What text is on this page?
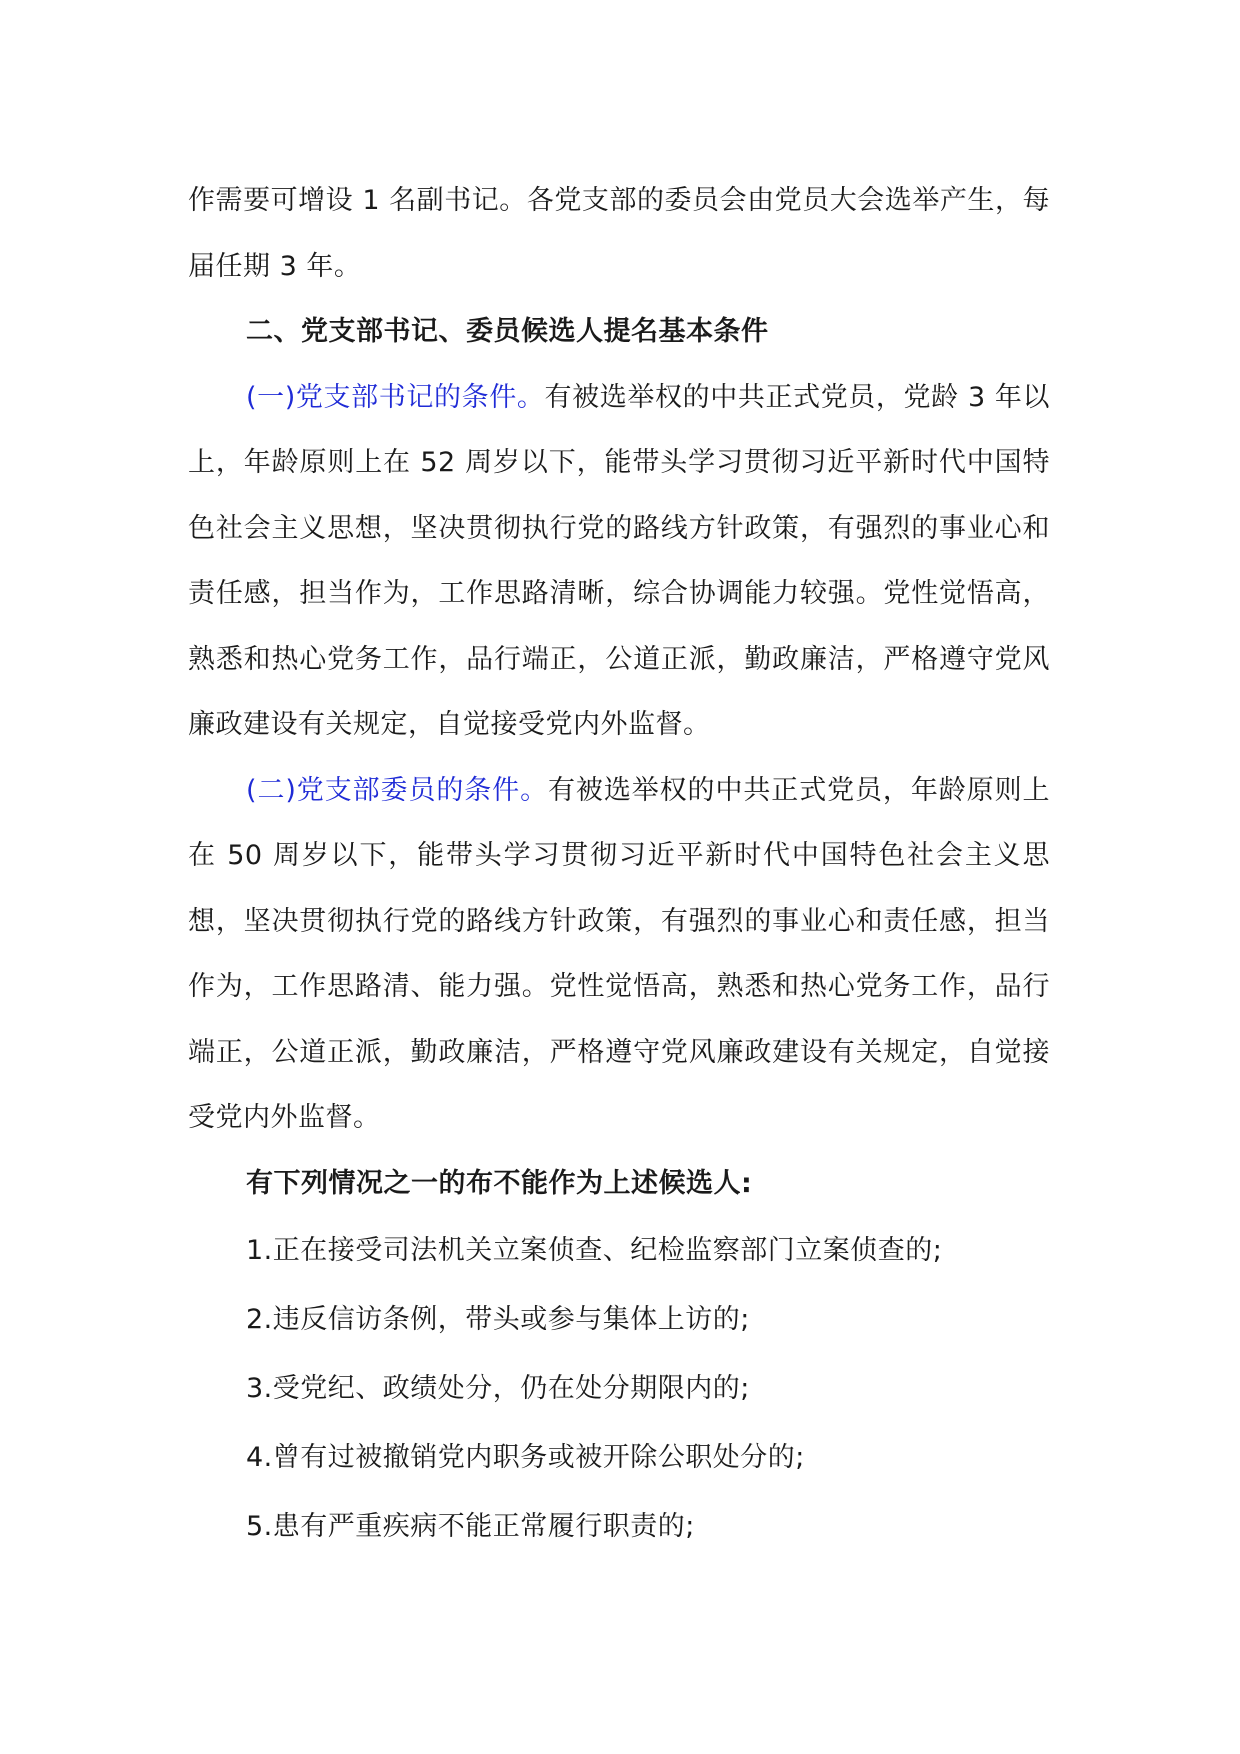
作需要可增设 1 名副书记。各党支部的委员会由党员大会选举产生，每届任期 3 年。

二、党支部书记、委员候选人提名基本条件

(一)党支部书记的条件。有被选举权的中共正式党员，党龄 3 年以上，年龄原则上在 52 周岁以下，能带头学习贯彻习近平新时代中国特色社会主义思想，坚决贯彻执行党的路线方针政策，有强烈的事业心和责任感，担当作为，工作思路清晰，综合协调能力较强。党性觉悟高，熟悉和热心党务工作，品行端正，公道正派，勤政廉洁，严格遵守党风廉政建设有关规定，自觉接受党内外监督。

(二)党支部委员的条件。有被选举权的中共正式党员，年龄原则上在 50 周岁以下，能带头学习贯彻习近平新时代中国特色社会主义思想，坚决贯彻执行党的路线方针政策，有强烈的事业心和责任感，担当作为，工作思路清、能力强。党性觉悟高，熟悉和热心党务工作，品行端正，公道正派，勤政廉洁，严格遵守党风廉政建设有关规定，自觉接受党内外监督。

有下列情况之一的布不能作为上述候选人:

1.正在接受司法机关立案侦查、纪检监察部门立案侦查的;

2.违反信访条例，带头或参与集体上访的;

3.受党纪、政绩处分，仍在处分期限内的;

4.曾有过被撤销党内职务或被开除公职处分的;

5.患有严重疾病不能正常履行职责的;
